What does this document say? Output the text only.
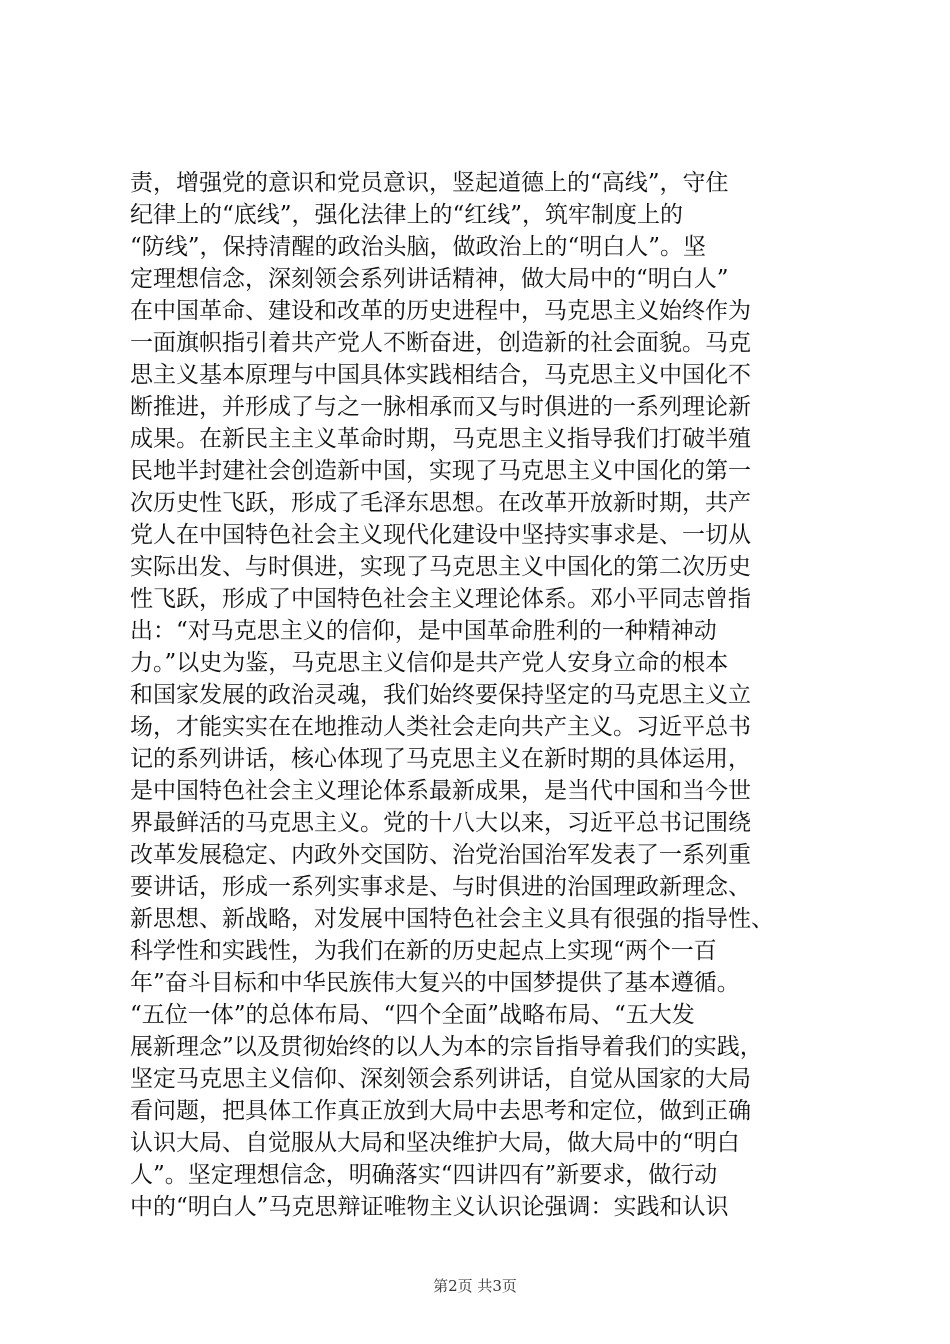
责，增强党的意识和党员意识，竖起道德上的“高线”，守住
纪律上的“底线”，强化法律上的“红线”，筑牢制度上的
“防线”，保持清醒的政治头脑，做政治上的“明白人”。坚
定理想信念，深刻领会系列讲话精神，做大局中的“明白人”
在中国革命、建设和改革的历史进程中，马克思主义始终作为
一面旗帜指引着共产党人不断奋进，创造新的社会面貌。马克
思主义基本原理与中国具体实践相结合，马克思主义中国化不
断推进，并形成了与之一脉相承而又与时俱进的一系列理论新
成果。在新民主主义革命时期，马克思主义指导我们打破半殖
民地半封建社会创造新中国，实现了马克思主义中国化的第一
次历史性飞跃，形成了毛泽东思想。在改革开放新时期，共产
党人在中国特色社会主义现代化建设中坚持实事求是、一切从
实际出发、与时俱进，实现了马克思主义中国化的第二次历史
性飞跃，形成了中国特色社会主义理论体系。邓小平同志曾指
出：“对马克思主义的信仰，是中国革命胜利的一种精神动
力。”以史为鉴，马克思主义信仰是共产党人安身立命的根本
和国家发展的政治灵魂，我们始终要保持坚定的马克思主义立
场，才能实实在在地推动人类社会走向共产主义。习近平总书
记的系列讲话，核心体现了马克思主义在新时期的具体运用，
是中国特色社会主义理论体系最新成果，是当代中国和当今世
界最鲜活的马克思主义。党的十八大以来，习近平总书记围绕
改革发展稳定、内政外交国防、治党治国治军发表了一系列重
要讲话，形成一系列实事求是、与时俱进的治国理政新理念、
新思想、新战略，对发展中国特色社会主义具有很强的指导性、
科学性和实践性，为我们在新的历史起点上实现“两个一百
年”奋斗目标和中华民族伟大复兴的中国梦提供了基本遵循。
“五位一体”的总体布局、“四个全面”战略布局、“五大发
展新理念”以及贯彻始终的以人为本的宗旨指导着我们的实践，
坚定马克思主义信仰、深刻领会系列讲话，自觉从国家的大局
看问题，把具体工作真正放到大局中去思考和定位，做到正确
认识大局、自觉服从大局和坚决维护大局，做大局中的“明白
人”。坚定理想信念，明确落实“四讲四有”新要求，做行动
中的“明白人”马克思辩证唯物主义认识论强调：实践和认识
第2页 共3页
